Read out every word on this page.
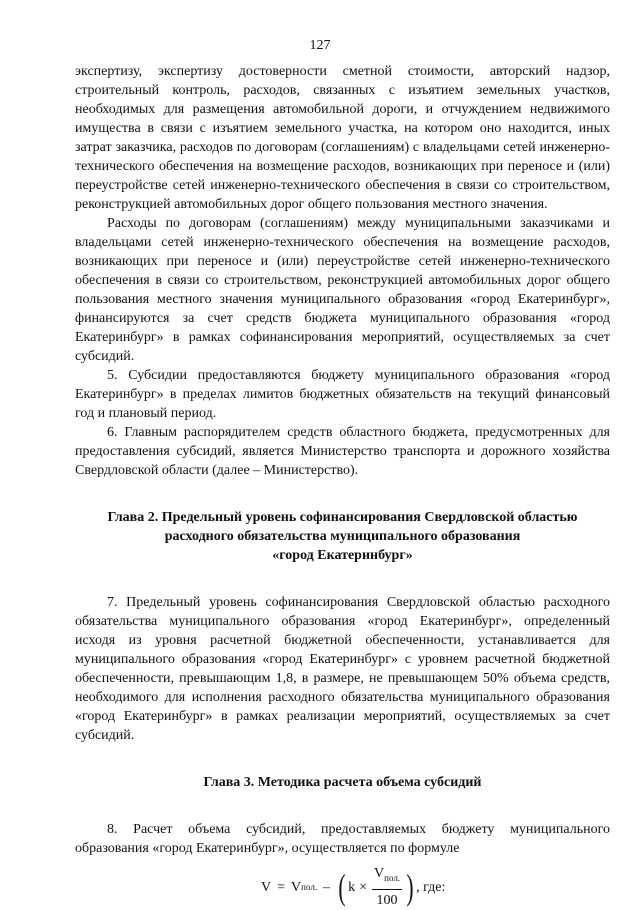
127

экспертизу, экспертизу достоверности сметной стоимости, авторский надзор, строительный контроль, расходов, связанных с изъятием земельных участков, необходимых для размещения автомобильной дороги, и отчуждением недвижимого имущества в связи с изъятием земельного участка, на котором оно находится, иных затрат заказчика, расходов по договорам (соглашениям) с владельцами сетей инженерно-технического обеспечения на возмещение расходов, возникающих при переносе и (или) переустройстве сетей инженерно-технического обеспечения в связи со строительством, реконструкцией автомобильных дорог общего пользования местного значения.

Расходы по договорам (соглашениям) между муниципальными заказчиками и владельцами сетей инженерно-технического обеспечения на возмещение расходов, возникающих при переносе и (или) переустройстве сетей инженерно-технического обеспечения в связи со строительством, реконструкцией автомобильных дорог общего пользования местного значения муниципального образования «город Екатеринбург», финансируются за счет средств бюджета муниципального образования «город Екатеринбург» в рамках софинансирования мероприятий, осуществляемых за счет субсидий.

5. Субсидии предоставляются бюджету муниципального образования «город Екатеринбург» в пределах лимитов бюджетных обязательств на текущий финансовый год и плановый период.

6. Главным распорядителем средств областного бюджета, предусмотренных для предоставления субсидий, является Министерство транспорта и дорожного хозяйства Свердловской области (далее – Министерство).

Глава 2. Предельный уровень софинансирования Свердловской областью
расходного обязательства муниципального образования
«город Екатеринбург»

7. Предельный уровень софинансирования Свердловской областью расходного обязательства муниципального образования «город Екатеринбург», определенный исходя из уровня расчетной бюджетной обеспеченности, устанавливается для муниципального образования «город Екатеринбург» с уровнем расчетной бюджетной обеспеченности, превышающим 1,8, в размере, не превышающем 50% объема средств, необходимого для исполнения расходного обязательства муниципального образования «город Екатеринбург» в рамках реализации мероприятий, осуществляемых за счет субсидий.

Глава 3. Методика расчета объема субсидий

8. Расчет объема субсидий, предоставляемых бюджету муниципального образования «город Екатеринбург», осуществляется по формуле

V = V пол. – ( $k \times \frac{V_{пол.}}{100}$ ) , где:
